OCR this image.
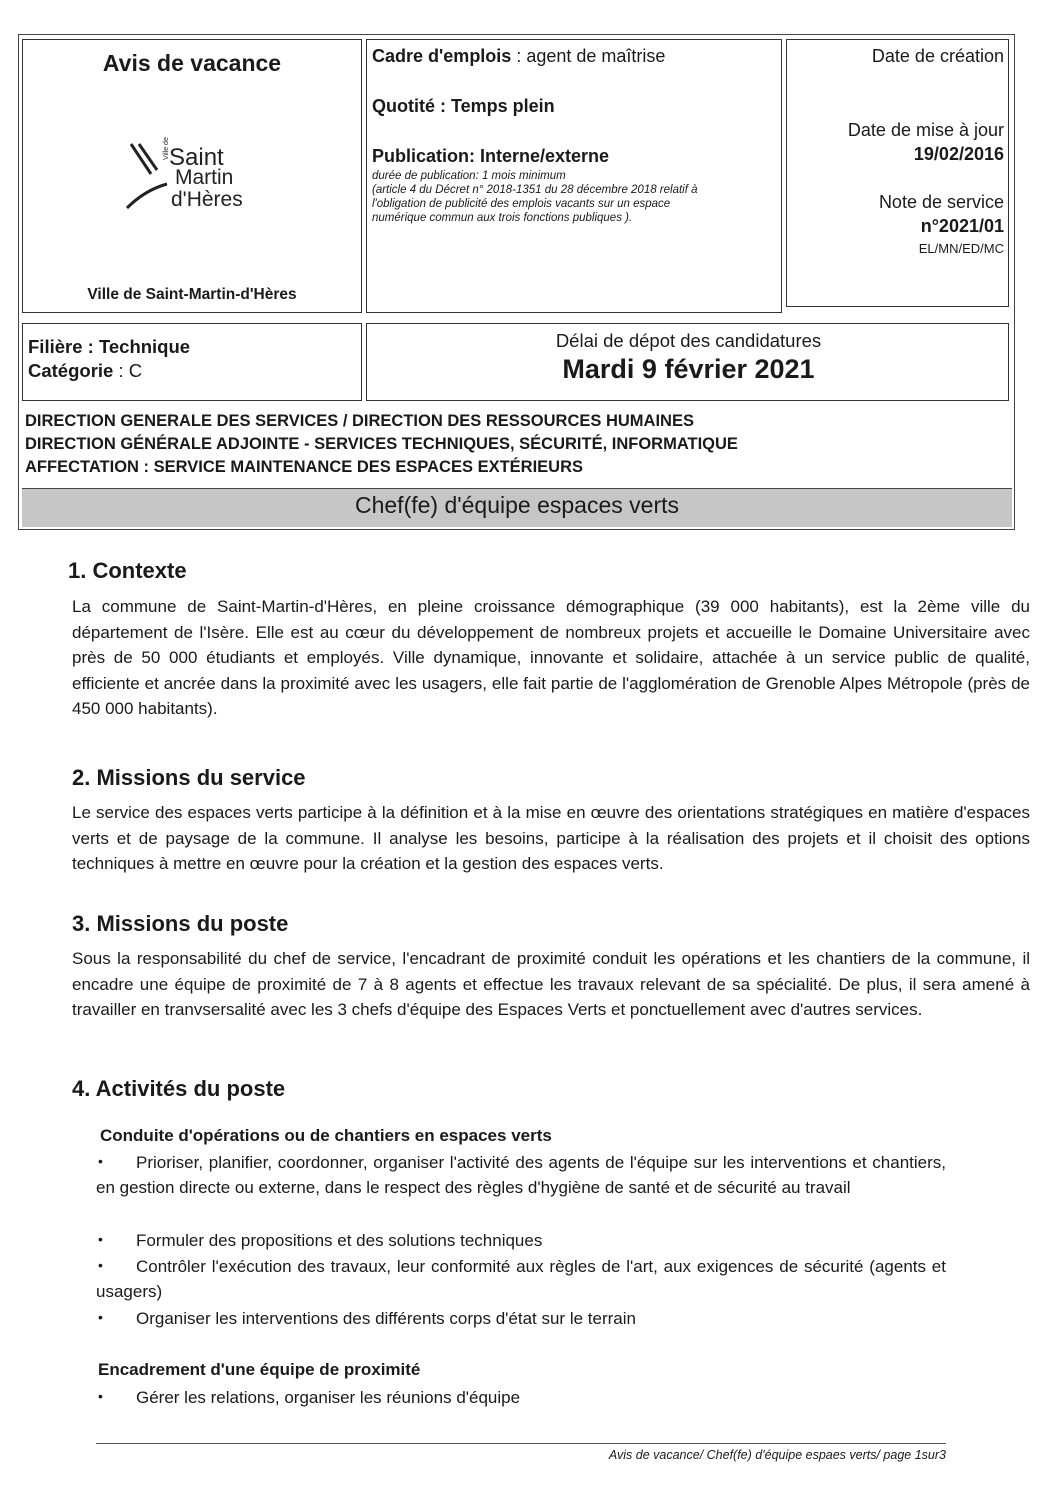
Avis de vacance
Ville de Saint
Martin
d'Hères
Ville de Saint-Martin-d'Hères
Cadre d'emplois : agent de maîtrise
Quotité : Temps plein
Publication: Interne/externe
durée de publication: 1 mois minimum
(article 4 du Décret n° 2018-1351 du 28 décembre 2018 relatif à
l'obligation de publicité des emplois vacants sur un espace
numérique commun aux trois fonctions publiques ).
Date de création
Date de mise à jour
19/02/2016
Note de service
n°2021/01
EL/MN/ED/MC
Filière : Technique
Catégorie : C
Délai de dépot des candidatures
Mardi 9 février 2021
DIRECTION GENERALE DES SERVICES / DIRECTION DES RESSOURCES HUMAINES
DIRECTION GÉNÉRALE ADJOINTE - SERVICES TECHNIQUES, SÉCURITÉ, INFORMATIQUE
AFFECTATION : SERVICE MAINTENANCE DES ESPACES EXTÉRIEURS
Chef(fe) d'équipe espaces verts
1. Contexte
La commune de Saint-Martin-d'Hères, en pleine croissance démographique (39 000 habitants), est la 2ème ville du département de l'Isère. Elle est au cœur du développement de nombreux projets et accueille le Domaine Universitaire avec près de 50 000 étudiants et employés. Ville dynamique, innovante et solidaire, attachée à un service public de qualité, efficiente et ancrée dans la proximité avec les usagers, elle fait partie de l'agglomération de Grenoble Alpes Métropole (près de 450 000 habitants).
2. Missions du service
Le service des espaces verts participe à la définition et à la mise en œuvre des orientations stratégiques en matière d'espaces verts et de paysage de la commune. Il analyse les besoins, participe à la réalisation des projets et il choisit des options techniques à mettre en œuvre pour la création et la gestion des espaces verts.
3. Missions du poste
Sous la responsabilité du chef de service, l'encadrant de proximité conduit les opérations et les chantiers de la commune, il encadre une équipe de proximité de 7 à 8 agents et effectue les travaux relevant de sa spécialité. De plus, il sera amené à travailler en tranvsersalité avec les 3 chefs d'équipe des Espaces Verts et ponctuellement avec d'autres services.
4. Activités du poste
Conduite d'opérations ou de chantiers en espaces verts
•	Prioriser, planifier, coordonner, organiser l'activité des agents de l'équipe sur les interventions et chantiers, en gestion directe ou externe, dans le respect des règles d'hygiène de santé et de sécurité au travail
• Formuler des propositions et des solutions techniques
•	Contrôler l'exécution des travaux, leur conformité aux règles de l'art, aux exigences de sécurité (agents et usagers)
• Organiser les interventions des différents corps d'état sur le terrain
Encadrement d'une équipe de proximité
• Gérer les relations, organiser les réunions d'équipe
Avis de vacance/ Chef(fe) d'équipe espaes verts/ page 1sur3
